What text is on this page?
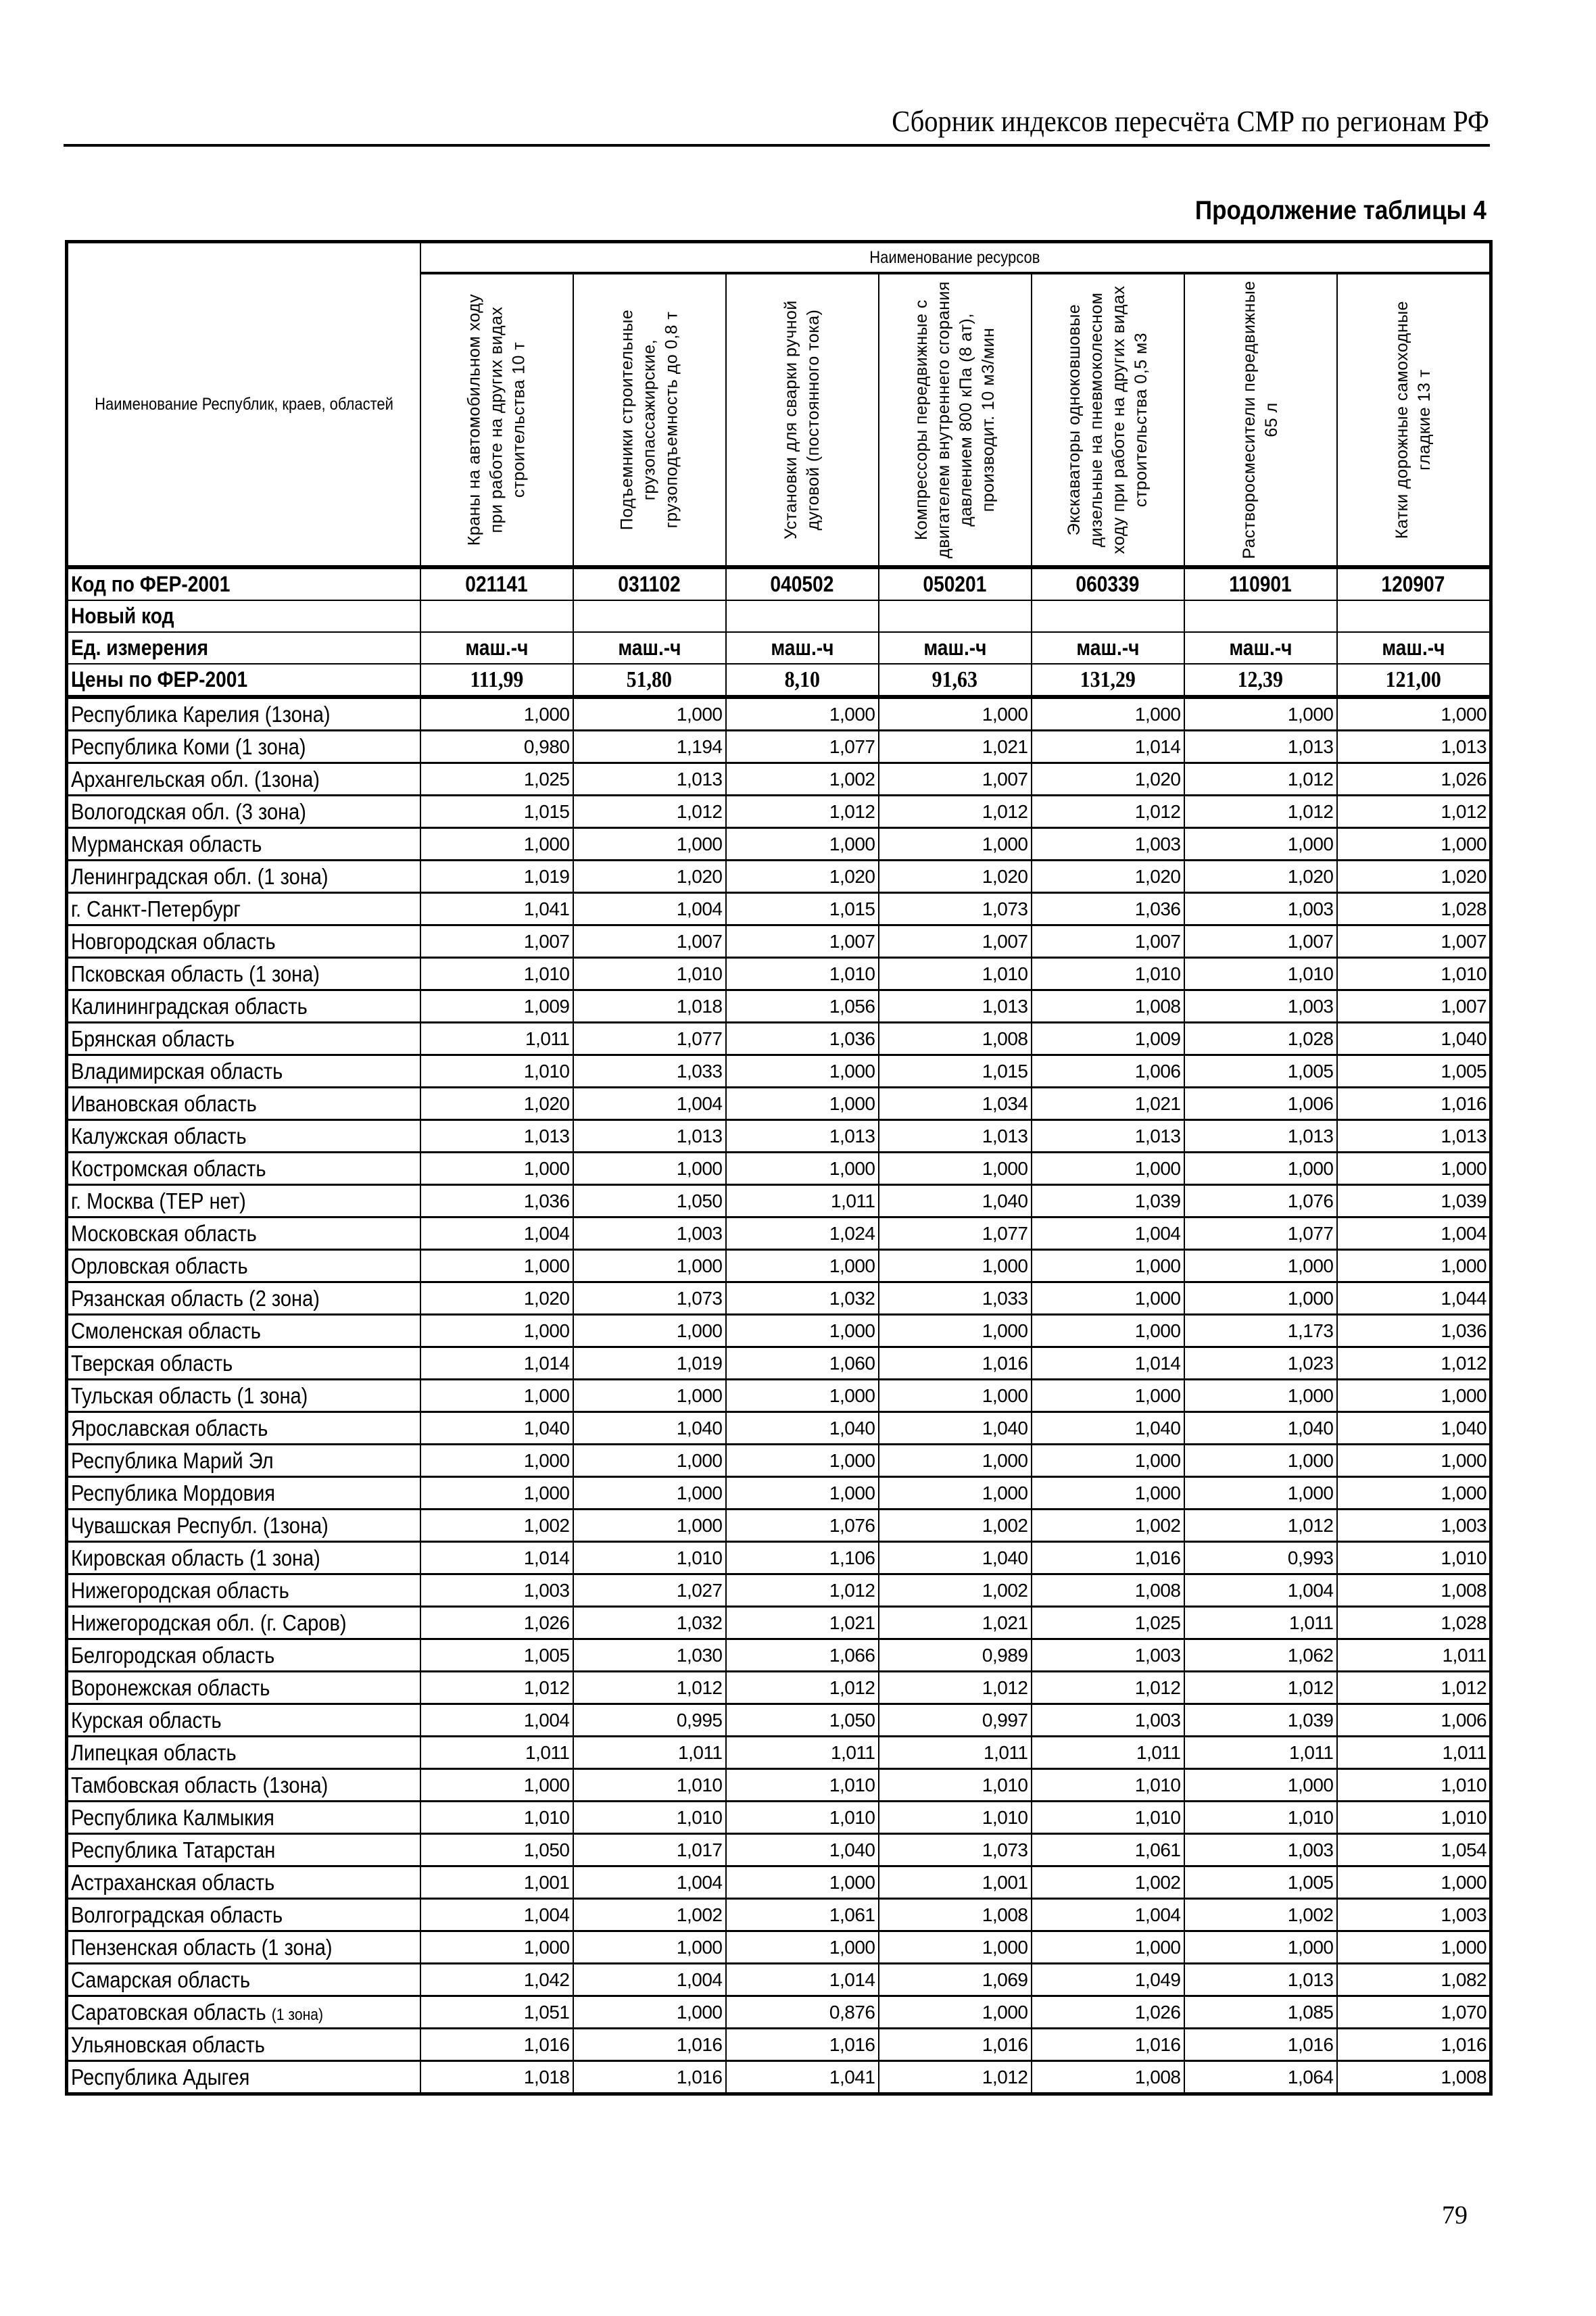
Сборник индексов пересчёта СМР по регионам РФ
Продолжение таблицы 4
Наименование Республик, краев, областей	Наименование ресурсов						

	Краны на автомобильном ходу при работе на других видах строительства 10 т	Подъемники строительные грузопассажирские, грузоподъемность до 0,8 т	Установки для сварки ручной дуговой (постоянного тока)	Компрессоры передвижные с двигателем внутреннего сгорания давлением 800 кПа (8 ат), производит. 10 м3/мин	Экскаваторы одноковшовые дизельные на пневмоколесном ходу при работе на других видах строительства 0,5 м3	Растворосмесители передвижные 65 л	Катки дорожные самоходные гладкие 13 т

Код по ФЕР-2001	021141	031102	040502	050201	060339	110901	120907
Новый код							
Ед. измерения	маш.-ч	маш.-ч	маш.-ч	маш.-ч	маш.-ч	маш.-ч	маш.-ч
Цены по ФЕР-2001	111,99	51,80	8,10	91,63	131,29	12,39	121,00
Республика Карелия (1зона)	1,000	1,000	1,000	1,000	1,000	1,000	1,000
Республика Коми (1 зона)	0,980	1,194	1,077	1,021	1,014	1,013	1,013
Архангельская обл. (1зона)	1,025	1,013	1,002	1,007	1,020	1,012	1,026
Вологодская обл. (3 зона)	1,015	1,012	1,012	1,012	1,012	1,012	1,012
Мурманская область	1,000	1,000	1,000	1,000	1,003	1,000	1,000
Ленинградская обл. (1 зона)	1,019	1,020	1,020	1,020	1,020	1,020	1,020
г. Санкт-Петербург	1,041	1,004	1,015	1,073	1,036	1,003	1,028
Новгородская область	1,007	1,007	1,007	1,007	1,007	1,007	1,007
Псковская область (1 зона)	1,010	1,010	1,010	1,010	1,010	1,010	1,010
Калининградская область	1,009	1,018	1,056	1,013	1,008	1,003	1,007
Брянская область	1,011	1,077	1,036	1,008	1,009	1,028	1,040
Владимирская область	1,010	1,033	1,000	1,015	1,006	1,005	1,005
Ивановская область	1,020	1,004	1,000	1,034	1,021	1,006	1,016
Калужская область	1,013	1,013	1,013	1,013	1,013	1,013	1,013
Костромская область	1,000	1,000	1,000	1,000	1,000	1,000	1,000
г. Москва (ТЕР нет)	1,036	1,050	1,011	1,040	1,039	1,076	1,039
Московская область	1,004	1,003	1,024	1,077	1,004	1,077	1,004
Орловская область	1,000	1,000	1,000	1,000	1,000	1,000	1,000
Рязанская область (2 зона)	1,020	1,073	1,032	1,033	1,000	1,000	1,044
Смоленская область	1,000	1,000	1,000	1,000	1,000	1,173	1,036
Тверская область	1,014	1,019	1,060	1,016	1,014	1,023	1,012
Тульская область (1 зона)	1,000	1,000	1,000	1,000	1,000	1,000	1,000
Ярославская область	1,040	1,040	1,040	1,040	1,040	1,040	1,040
Республика Марий Эл	1,000	1,000	1,000	1,000	1,000	1,000	1,000
Республика Мордовия	1,000	1,000	1,000	1,000	1,000	1,000	1,000
Чувашская Республ. (1зона)	1,002	1,000	1,076	1,002	1,002	1,012	1,003
Кировская область (1 зона)	1,014	1,010	1,106	1,040	1,016	0,993	1,010
Нижегородская область	1,003	1,027	1,012	1,002	1,008	1,004	1,008
Нижегородская обл. (г. Саров)	1,026	1,032	1,021	1,021	1,025	1,011	1,028
Белгородская область	1,005	1,030	1,066	0,989	1,003	1,062	1,011
Воронежская область	1,012	1,012	1,012	1,012	1,012	1,012	1,012
Курская область	1,004	0,995	1,050	0,997	1,003	1,039	1,006
Липецкая область	1,011	1,011	1,011	1,011	1,011	1,011	1,011
Тамбовская область (1зона)	1,000	1,010	1,010	1,010	1,010	1,000	1,010
Республика Калмыкия	1,010	1,010	1,010	1,010	1,010	1,010	1,010
Республика Татарстан	1,050	1,017	1,040	1,073	1,061	1,003	1,054
Астраханская область	1,001	1,004	1,000	1,001	1,002	1,005	1,000
Волгоградская область	1,004	1,002	1,061	1,008	1,004	1,002	1,003
Пензенская область (1 зона)	1,000	1,000	1,000	1,000	1,000	1,000	1,000
Самарская область	1,042	1,004	1,014	1,069	1,049	1,013	1,082
Саратовская область (1 зона)	1,051	1,000	0,876	1,000	1,026	1,085	1,070
Ульяновская область	1,016	1,016	1,016	1,016	1,016	1,016	1,016
Республика Адыгея	1,018	1,016	1,041	1,012	1,008	1,064	1,008
79
